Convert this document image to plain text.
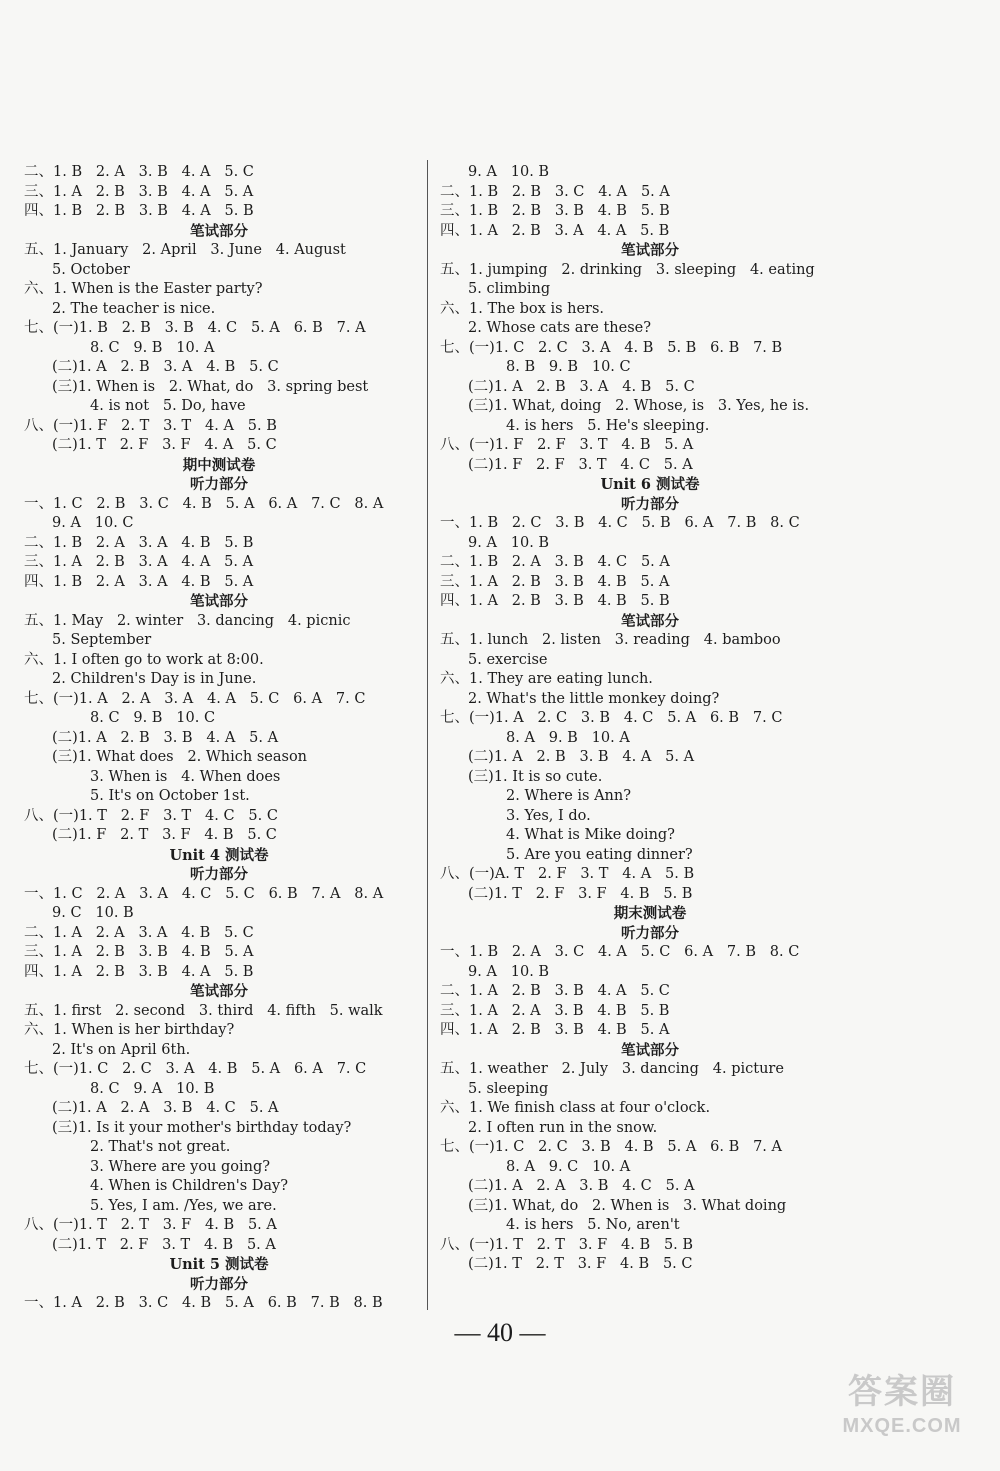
二、1. B   2. A   3. B   4. A   5. C
三、1. A   2. B   3. B   4. A   5. A
四、1. B   2. B   3. B   4. A   5. B
笔试部分
五、1. January   2. April   3. June   4. August
5. October
六、1. When is the Easter party?
2. The teacher is nice.
七、(一)1. B   2. B   3. B   4. C   5. A   6. B   7. A
8. C   9. B   10. A
(二)1. A   2. B   3. A   4. B   5. C
(三)1. When is   2. What, do   3. spring best
4. is not   5. Do, have
八、(一)1. F   2. T   3. T   4. A   5. B
(二)1. T   2. F   3. F   4. A   5. C
期中测试卷
听力部分
一、1. C   2. B   3. C   4. B   5. A   6. A   7. C   8. A
9. A   10. C
二、1. B   2. A   3. A   4. B   5. B
三、1. A   2. B   3. A   4. A   5. A
四、1. B   2. A   3. A   4. B   5. A
笔试部分
五、1. May   2. winter   3. dancing   4. picnic
5. September
六、1. I often go to work at 8:00.
2. Children's Day is in June.
七、(一)1. A   2. A   3. A   4. A   5. C   6. A   7. C
8. C   9. B   10. C
(二)1. A   2. B   3. B   4. A   5. A
(三)1. What does   2. Which season
3. When is   4. When does
5. It's on October 1st.
八、(一)1. T   2. F   3. T   4. C   5. C
(二)1. F   2. T   3. F   4. B   5. C
Unit 4 测试卷
听力部分
一、1. C   2. A   3. A   4. C   5. C   6. B   7. A   8. A
9. C   10. B
二、1. A   2. A   3. A   4. B   5. C
三、1. A   2. B   3. B   4. B   5. A
四、1. A   2. B   3. B   4. A   5. B
笔试部分
五、1. first   2. second   3. third   4. fifth   5. walk
六、1. When is her birthday?
2. It's on April 6th.
七、(一)1. C   2. C   3. A   4. B   5. A   6. A   7. C
8. C   9. A   10. B
(二)1. A   2. A   3. B   4. C   5. A
(三)1. Is it your mother's birthday today?
2. That's not great.
3. Where are you going?
4. When is Children's Day?
5. Yes, I am. /Yes, we are.
八、(一)1. T   2. T   3. F   4. B   5. A
(二)1. T   2. F   3. T   4. B   5. A
Unit 5 测试卷
听力部分
一、1. A   2. B   3. C   4. B   5. A   6. B   7. B   8. B
9. A   10. B
二、1. B   2. B   3. C   4. A   5. A
三、1. B   2. B   3. B   4. B   5. B
四、1. A   2. B   3. A   4. A   5. B
笔试部分
五、1. jumping   2. drinking   3. sleeping   4. eating
5. climbing
六、1. The box is hers.
2. Whose cats are these?
七、(一)1. C   2. C   3. A   4. B   5. B   6. B   7. B
8. B   9. B   10. C
(二)1. A   2. B   3. A   4. B   5. C
(三)1. What, doing   2. Whose, is   3. Yes, he is.
4. is hers   5. He's sleeping.
八、(一)1. F   2. F   3. T   4. B   5. A
(二)1. F   2. F   3. T   4. C   5. A
Unit 6 测试卷
听力部分
一、1. B   2. C   3. B   4. C   5. B   6. A   7. B   8. C
9. A   10. B
二、1. B   2. A   3. B   4. C   5. A
三、1. A   2. B   3. B   4. B   5. A
四、1. A   2. B   3. B   4. B   5. B
笔试部分
五、1. lunch   2. listen   3. reading   4. bamboo
5. exercise
六、1. They are eating lunch.
2. What's the little monkey doing?
七、(一)1. A   2. C   3. B   4. C   5. A   6. B   7. C
8. A   9. B   10. A
(二)1. A   2. B   3. B   4. A   5. A
(三)1. It is so cute.
2. Where is Ann?
3. Yes, I do.
4. What is Mike doing?
5. Are you eating dinner?
八、(一)A. T   2. F   3. T   4. A   5. B
(二)1. T   2. F   3. F   4. B   5. B
期末测试卷
听力部分
一、1. B   2. A   3. C   4. A   5. C   6. A   7. B   8. C
9. A   10. B
二、1. A   2. B   3. B   4. A   5. C
三、1. A   2. A   3. B   4. B   5. B
四、1. A   2. B   3. B   4. B   5. A
笔试部分
五、1. weather   2. July   3. dancing   4. picture
5. sleeping
六、1. We finish class at four o'clock.
2. I often run in the snow.
七、(一)1. C   2. C   3. B   4. B   5. A   6. B   7. A
8. A   9. C   10. A
(二)1. A   2. A   3. B   4. C   5. A
(三)1. What, do   2. When is   3. What doing
4. is hers   5. No, aren't
八、(一)1. T   2. T   3. F   4. B   5. B
(二)1. T   2. T   3. F   4. B   5. C
— 40 —
答案圈
MXQE.COM
